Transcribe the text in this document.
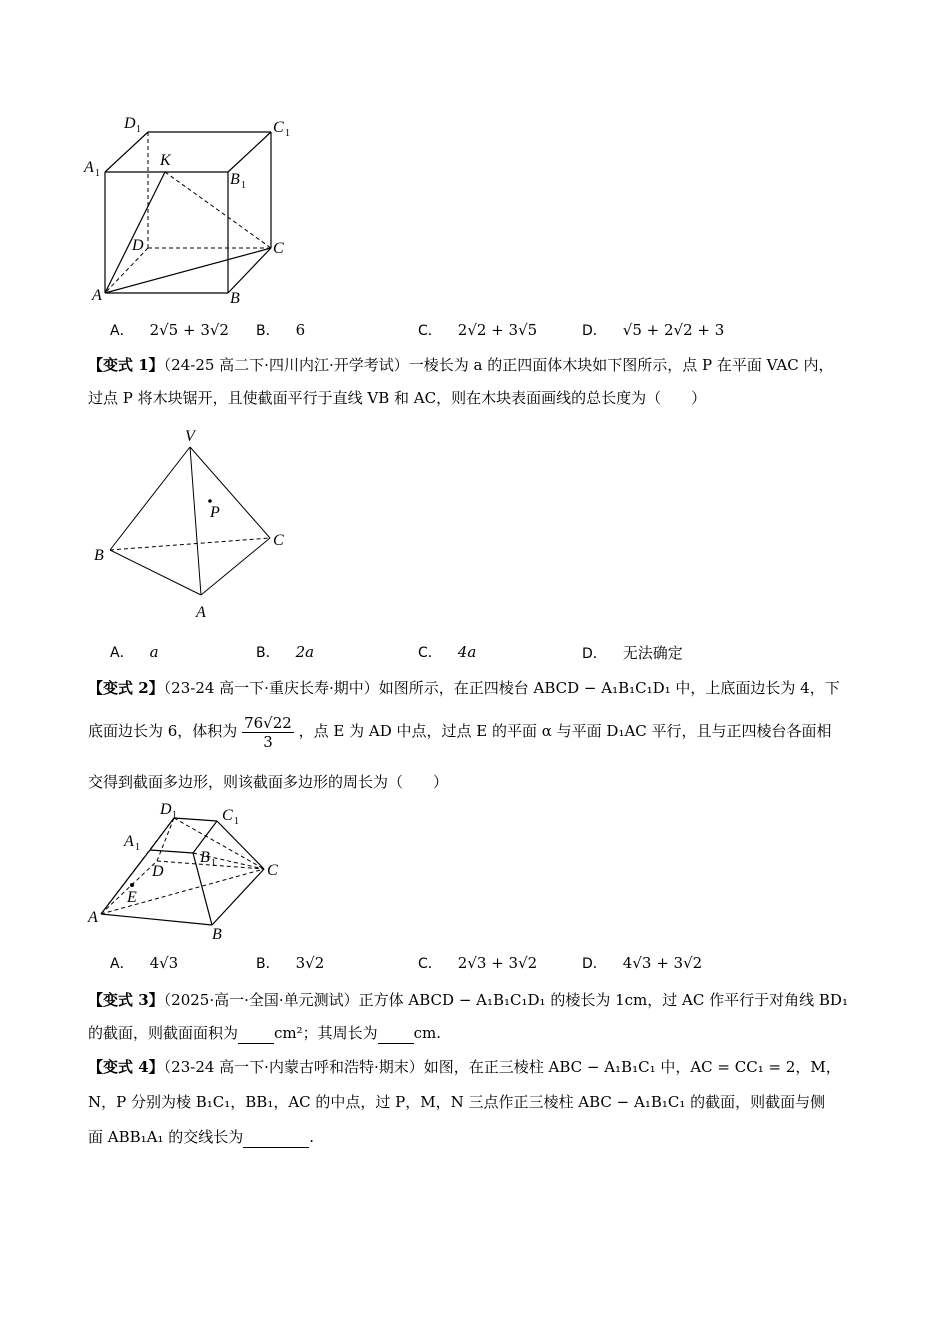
D 1	C 1
A 1
K
B 1
D	C
A	B
A． 2√5 + 3√2 B． 6	C． 2√2 + 3√5	D． √5 + 2√2 + 3
【变式 1】（24-25 高二下·四川内江·开学考试）一棱长为 a 的正四面体木块如下图所示，点 P 在平面 VAC 内，
过点 P 将木块锯开，且使截面平行于直线 VB 和 AC，则在木块表面画线的总长度为（　　）
V
P
B
C
A
A． a	B． 2a	C． 4a	D． 无法确定
【变式 2】（23-24 高一下·重庆长寿·期中）如图所示，在正四棱台 ABCD − A₁B₁C₁D₁ 中，上底面边长为 4，下
底面边长为 6，体积为 $\frac{76√22}{3}$ ，点 E 为 AD 中点，过点 E 的平面 α 与平面 D₁AC 平行，且与正四棱台各面相
交得到截面多边形，则该截面多边形的周长为（　　）
D 1	C 1
A 1
B 1
D
E
C
A
B
A． 4√3	B． 3√2	C． 2√3 + 3√2	D． 4√3 + 3√2
【变式 3】（2025·高一·全国·单元测试）正方体 ABCD − A₁B₁C₁D₁ 的棱长为 1cm，过 AC 作平行于对角线 BD₁
的截面，则截面面积为 cm²；其周长为 cm.
【变式 4】（23-24 高一下·内蒙古呼和浩特·期末）如图，在正三棱柱 ABC − A₁B₁C₁ 中，AC = CC₁ = 2，M，
N，P 分别为棱 B₁C₁，BB₁，AC 的中点，过 P，M，N 三点作正三棱柱 ABC − A₁B₁C₁ 的截面，则截面与侧
面 ABB₁A₁ 的交线长为	.
